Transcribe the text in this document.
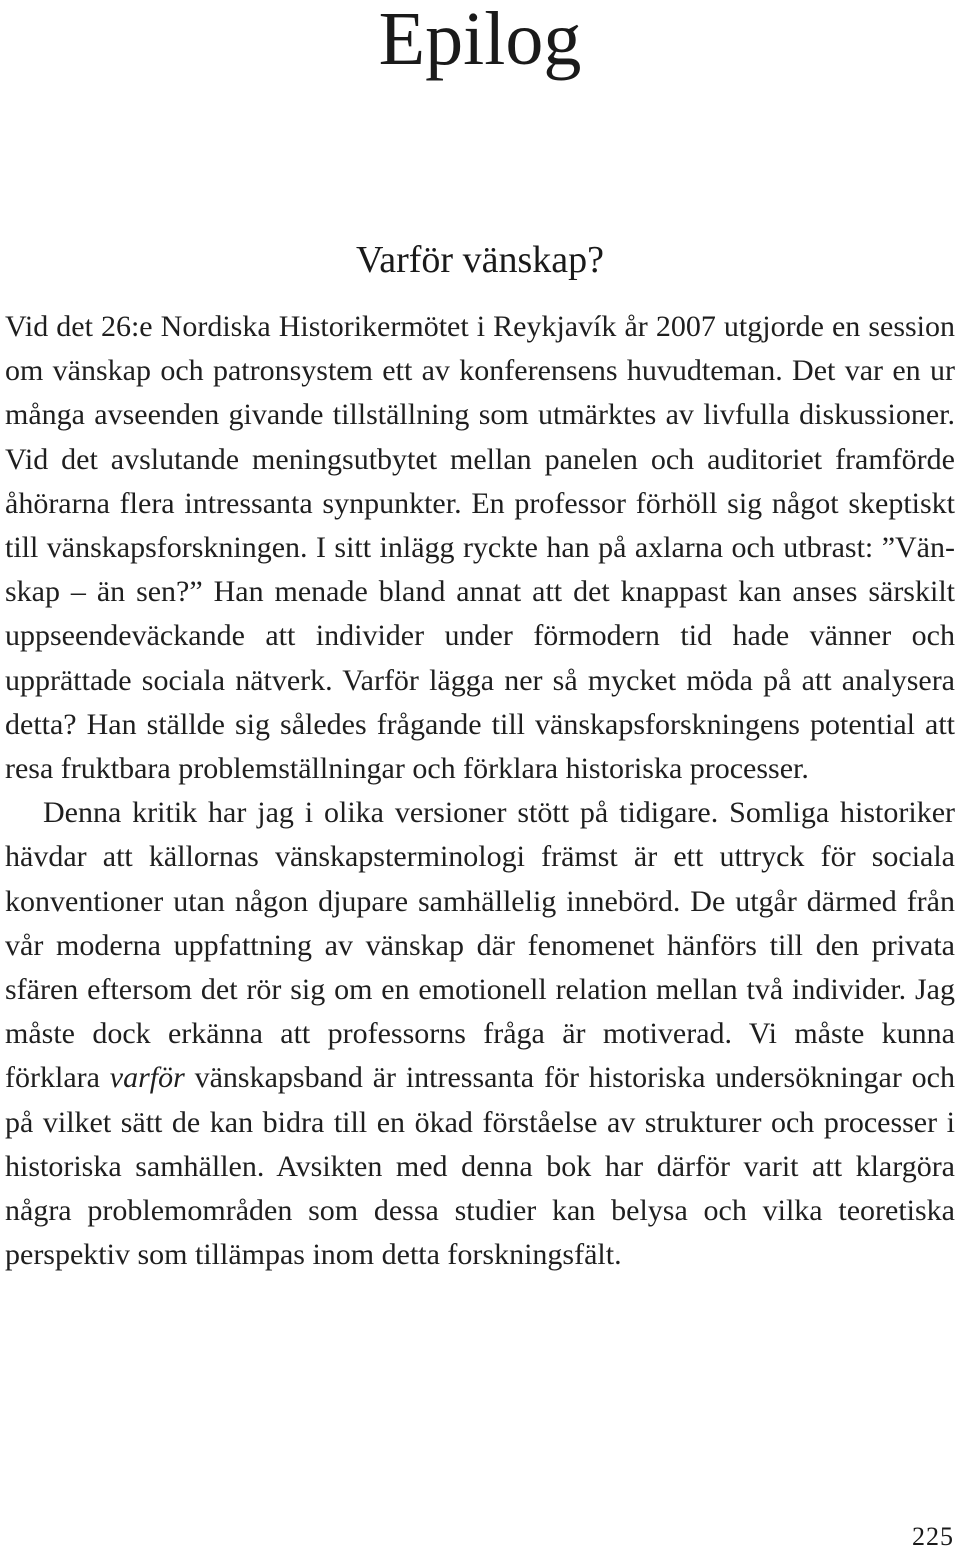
Epilog
Varför vänskap?

Vid det 26:e Nordiska Historikermötet i Reykjavík år 2007 utgjorde en session om vänskap och patronsystem ett av konferensens huvudteman. Det var en ur många avseenden givande tillställning som utmärktes av livfulla diskussioner. Vid det avslutande meningsutbytet mellan panelen och auditoriet framförde åhörarna flera intressanta synpunkter. En professor förhöll sig något skeptiskt till vänskapsforskningen. I sitt inlägg ryckte han på axlarna och utbrast: ”Vänskap – än sen?” Han menade bland annat att det knappast kan anses särskilt uppseendeväckande att individer under förmodern tid hade vänner och upprättade sociala nätverk. Varför lägga ner så mycket möda på att analysera detta? Han ställde sig således frågande till vänskapsforskningens potential att resa fruktbara problemställningar och förklara historiska processer.

Denna kritik har jag i olika versioner stött på tidigare. Somliga historiker hävdar att källornas vänskapsterminologi främst är ett uttryck för sociala konventioner utan någon djupare samhällelig innebörd. De utgår därmed från vår moderna uppfattning av vänskap där fenomenet hänförs till den privata sfären eftersom det rör sig om en emotionell relation mellan två individer. Jag måste dock erkänna att professorns fråga är motiverad. Vi måste kunna förklara varför vänskapsband är intressanta för historiska undersökningar och på vilket sätt de kan bidra till en ökad förståelse av strukturer och processer i historiska samhällen. Avsikten med denna bok har därför varit att klargöra några problemområden som dessa studier kan belysa och vilka teoretiska perspektiv som tillämpas inom detta forskningsfält.

225
